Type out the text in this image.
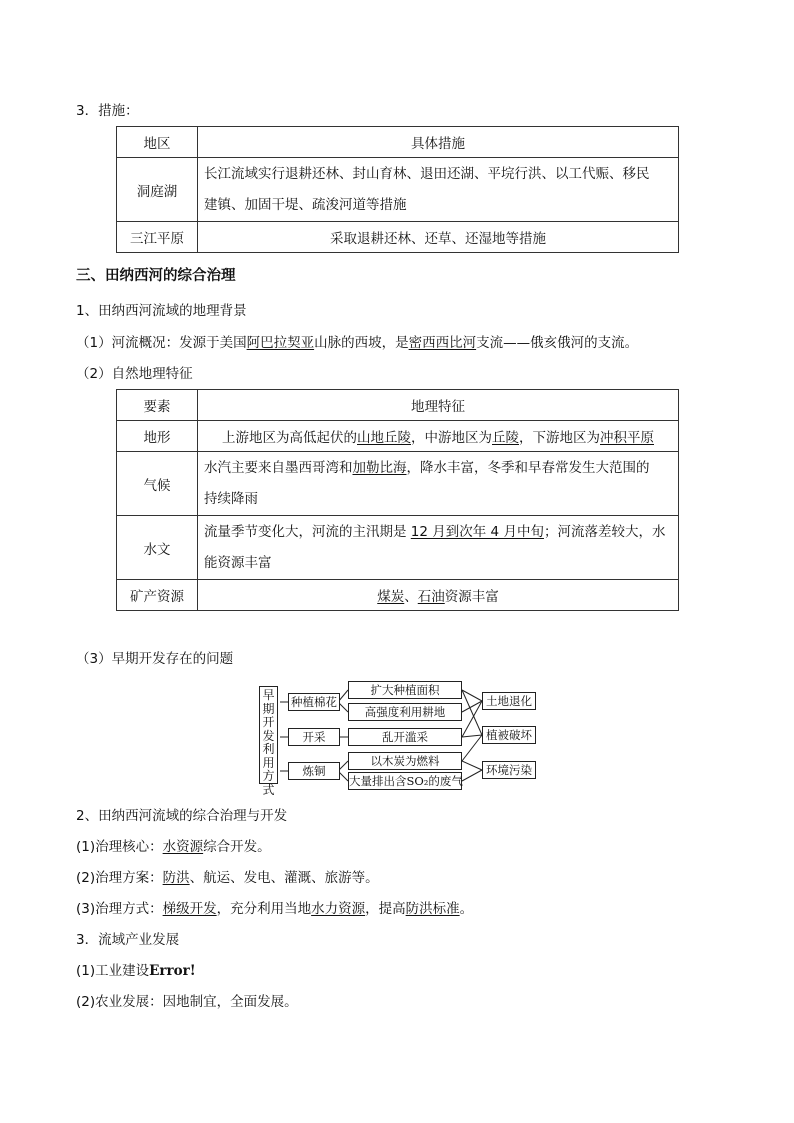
3．措施：
地区	具体措施
洞庭湖	长江流域实行退耕还林、封山育林、退田还湖、平垸行洪、以工代赈、移民
建镇、加固干堤、疏浚河道等措施

三江平原	采取退耕还林、还草、还湿地等措施
三、田纳西河的综合治理
1、田纳西河流域的地理背景
（1）河流概况：发源于美国阿巴拉契亚山脉的西坡，是密西西比河支流——俄亥俄河的支流。
（2）自然地理特征
要素	地理特征
地形	上游地区为高低起伏的山地丘陵，中游地区为丘陵，下游地区为冲积平原
气候	水汽主要来自墨西哥湾和加勒比海，降水丰富，冬季和早春常发生大范围的
持续降雨

水文	流量季节变化大，河流的主汛期是 12 月到次年 4 月中旬；河流落差较大，水
能资源丰富

矿产资源	煤炭、石油资源丰富
（3）早期开发存在的问题
早期开发利用方式
种植棉花
开采
炼铜
扩大种植面积
高强度利用耕地
乱开滥采
以木炭为燃料
大量排出含SO₂的废气
土地退化
植被破坏
环境污染
2、田纳西河流域的综合治理与开发
(1)治理核心：水资源综合开发。
(2)治理方案：防洪、航运、发电、灌溉、旅游等。
(3)治理方式：梯级开发，充分利用当地水力资源，提高防洪标准。
3．流域产业发展
(1)工业建设Error!
(2)农业发展：因地制宜，全面发展。
